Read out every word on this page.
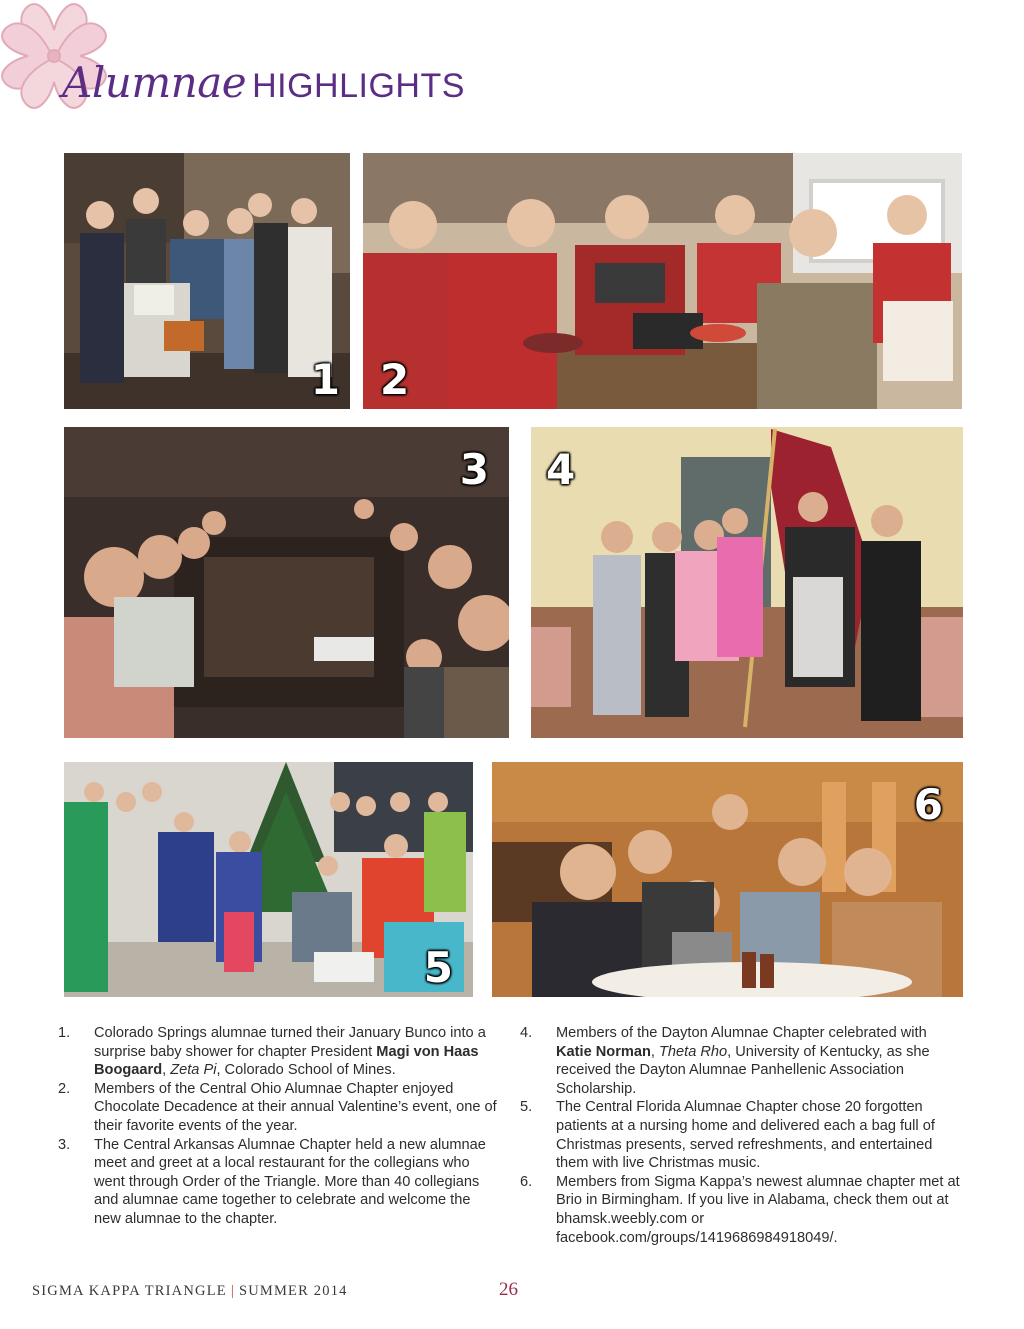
Alumnae HIGHLIGHTS
1 2
3 4
5
6
1.	Colorado Springs alumnae turned their January Bunco into a surprise baby shower for chapter President Magi von Haas Boogaard, Zeta Pi, Colorado School of Mines.
2.	Members of the Central Ohio Alumnae Chapter enjoyed Chocolate Decadence at their annual Valentine’s event, one of their favorite events of the year.
3.	The Central Arkansas Alumnae Chapter held a new alumnae meet and greet at a local restaurant for the collegians who went through Order of the Triangle. More than 40 collegians and alumnae came together to celebrate and welcome the new alumnae to the chapter.
4.	Members of the Dayton Alumnae Chapter celebrated with Katie Norman, Theta Rho, University of Kentucky, as she received the Dayton Alumnae Panhellenic Association Scholarship.
5.	The Central Florida Alumnae Chapter chose 20 forgotten patients at a nursing home and delivered each a bag full of Christmas presents, served refreshments, and entertained them with live Christmas music.
6.	Members from Sigma Kappa’s newest alumnae chapter met at Brio in Birmingham. If you live in Alabama, check them out at bhamsk.weebly.com or facebook.com/groups/1419686984918049/.
SIGMA KAPPA TRIANGLE | SUMMER 2014	26
